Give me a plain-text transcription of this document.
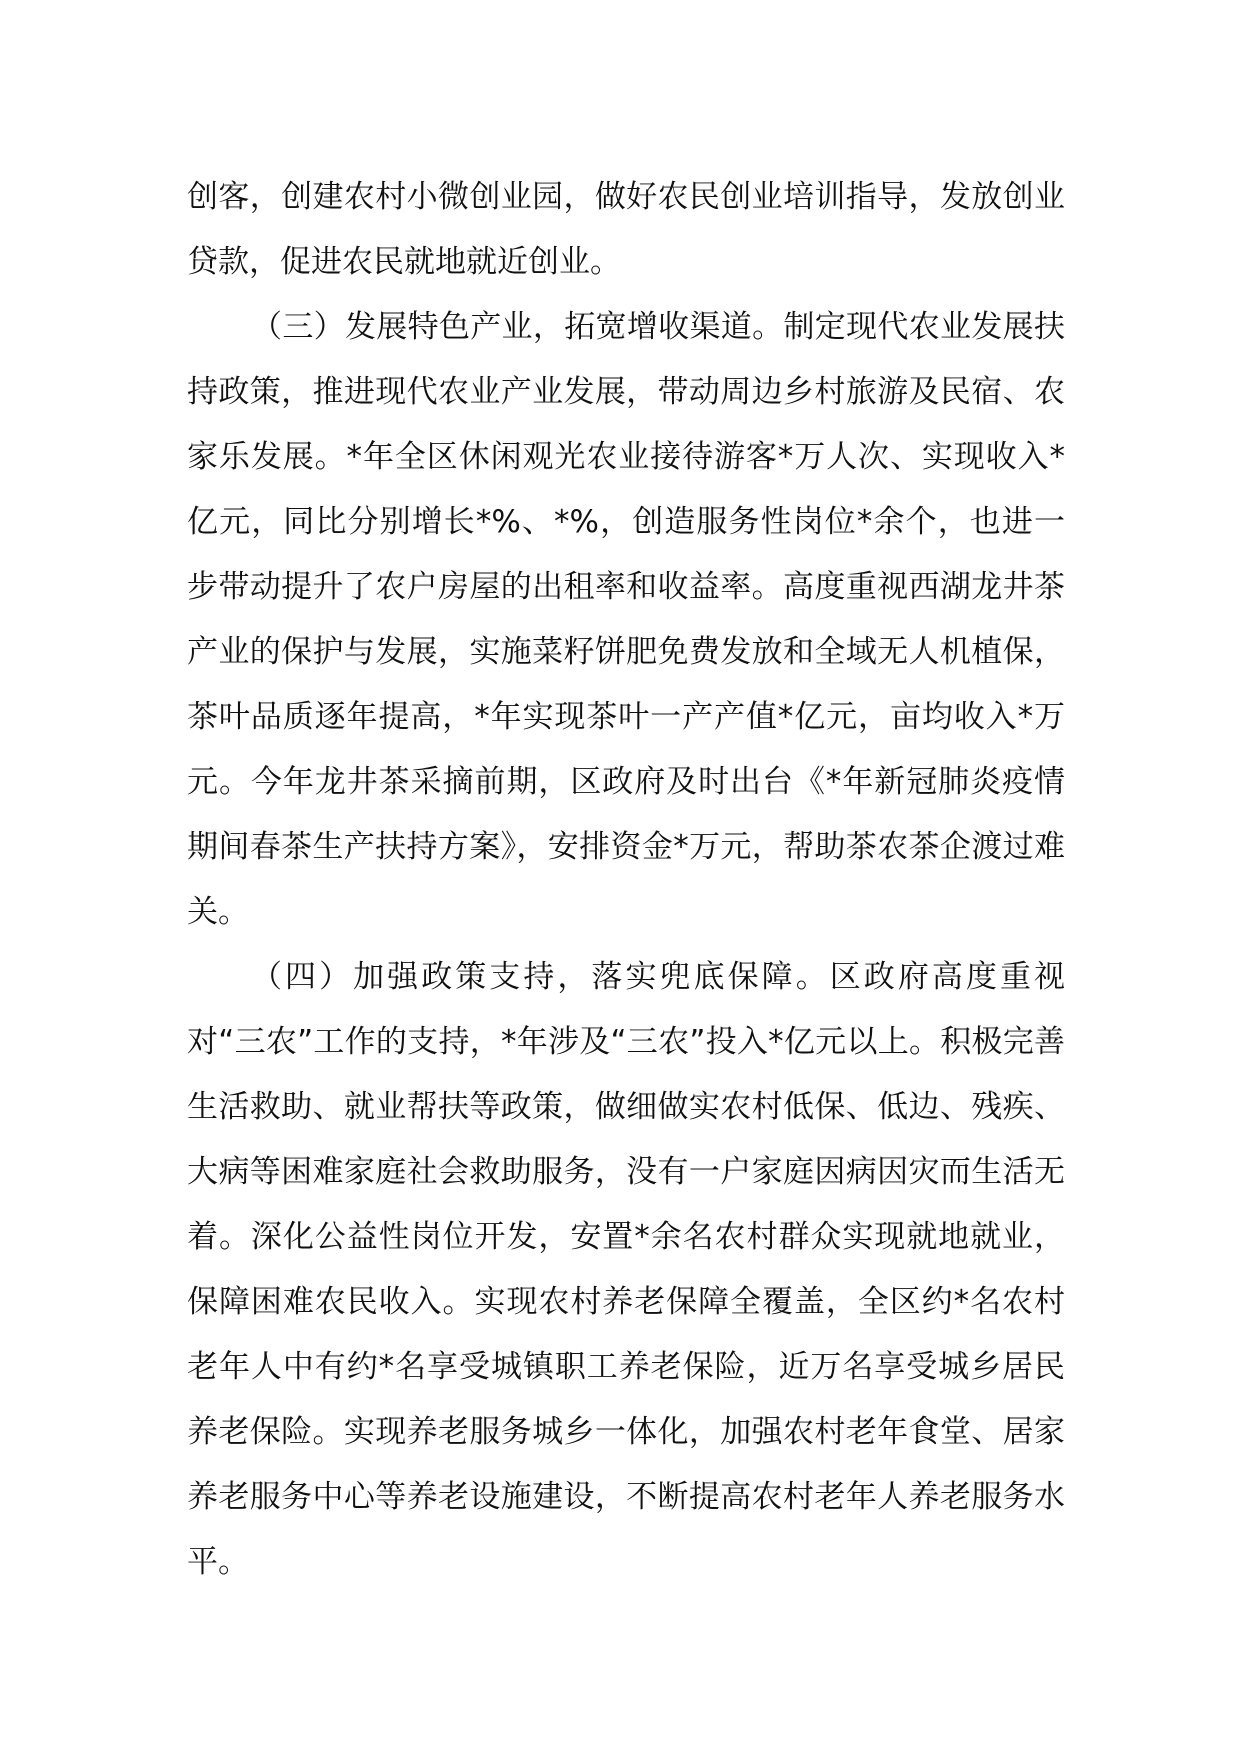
创客，创建农村小微创业园，做好农民创业培训指导，发放创业贷款，促进农民就地就近创业。

（三）发展特色产业，拓宽增收渠道。制定现代农业发展扶持政策，推进现代农业产业发展，带动周边乡村旅游及民宿、农家乐发展。*年全区休闲观光农业接待游客*万人次、实现收入*亿元，同比分别增长*%、*%，创造服务性岗位*余个，也进一步带动提升了农户房屋的出租率和收益率。高度重视西湖龙井茶产业的保护与发展，实施菜籽饼肥免费发放和全域无人机植保，茶叶品质逐年提高，*年实现茶叶一产产值*亿元，亩均收入*万元。今年龙井茶采摘前期，区政府及时出台《*年新冠肺炎疫情期间春茶生产扶持方案》，安排资金*万元，帮助茶农茶企渡过难关。

（四）加强政策支持，落实兜底保障。区政府高度重视对“三农”工作的支持，*年涉及“三农”投入*亿元以上。积极完善生活救助、就业帮扶等政策，做细做实农村低保、低边、残疾、大病等困难家庭社会救助服务，没有一户家庭因病因灾而生活无着。深化公益性岗位开发，安置*余名农村群众实现就地就业，保障困难农民收入。实现农村养老保障全覆盖，全区约*名农村老年人中有约*名享受城镇职工养老保险，近万名享受城乡居民养老保险。实现养老服务城乡一体化，加强农村老年食堂、居家养老服务中心等养老设施建设，不断提高农村老年人养老服务水平。
